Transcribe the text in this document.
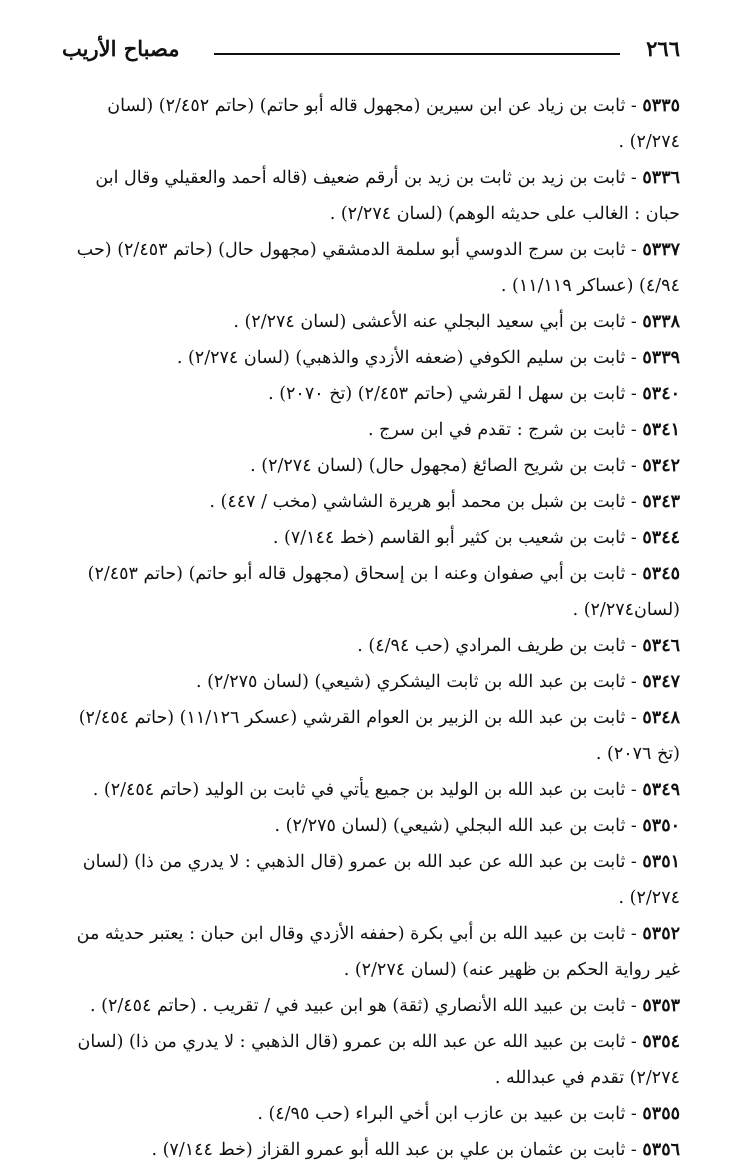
٢٦٦
مصباح الأريب

٥٣٣٥ - ثابت بن زياد عن ابن سيرين (مجهول قاله أبو حاتم) (حاتم ٢/٤٥٢) (لسان ٢/٢٧٤) .

٥٣٣٦ - ثابت بن زيد بن ثابت بن زيد بن أرقم ضعيف (قاله أحمد والعقيلي وقال ابن حبان : الغالب على حديثه الوهم) (لسان ٢/٢٧٤) .

٥٣٣٧ - ثابت بن سرج الدوسي أبو سلمة الدمشقي (مجهول حال) (حاتم ٢/٤٥٣) (حب ٤/٩٤) (عساكر ١١/١١٩) .

٥٣٣٨ - ثابت بن أبي سعيد البجلي عنه الأعشى (لسان ٢/٢٧٤) .

٥٣٣٩ - ثابت بن سليم الكوفي (ضعفه الأزدي والذهبي) (لسان ٢/٢٧٤) .

٥٣٤٠ - ثابت بن سهل ا لقرشي (حاتم ٢/٤٥٣) (تخ ٢٠٧٠) .

٥٣٤١ - ثابت بن شرج : تقدم في ابن سرج .

٥٣٤٢ - ثابت بن شريح الصائغ (مجهول حال) (لسان ٢/٢٧٤) .

٥٣٤٣ - ثابت بن شبل بن محمد أبو هريرة الشاشي (مخب / ٤٤٧) .

٥٣٤٤ - ثابت بن شعيب بن كثير أبو القاسم (خط ٧/١٤٤) .

٥٣٤٥ - ثابت بن أبي صفوان وعنه ا بن إسحاق (مجهول قاله أبو حاتم) (حاتم ٢/٤٥٣) (لسان٢/٢٧٤) .

٥٣٤٦ - ثابت بن طريف المرادي (حب ٤/٩٤) .

٥٣٤٧ - ثابت بن عبد الله بن ثابت اليشكري (شيعي) (لسان ٢/٢٧٥) .

٥٣٤٨ - ثابت بن عبد الله بن الزبير بن العوام القرشي (عسكر ١١/١٢٦) (حاتم ٢/٤٥٤) (تخ ٢٠٧٦) .

٥٣٤٩ - ثابت بن عبد الله بن الوليد بن جميع يأتي في ثابت بن الوليد (حاتم ٢/٤٥٤) .

٥٣٥٠ - ثابت بن عبد الله البجلي (شيعي) (لسان ٢/٢٧٥) .

٥٣٥١ - ثابت بن عبد الله عن عبد الله بن عمرو (قال الذهبي : لا يدري من ذا) (لسان ٢/٢٧٤) .

٥٣٥٢ - ثابت بن عبيد الله بن أبي بكرة (حففه الأزدي وقال ابن حبان : يعتبر حديثه من غير رواية الحكم بن ظهير عنه) (لسان ٢/٢٧٤) .

٥٣٥٣ - ثابت بن عبيد الله الأنصاري (ثقة) هو ابن عبيد في / تقريب . (حاتم ٢/٤٥٤) .

٥٣٥٤ - ثابت بن عبيد الله عن عبد الله بن عمرو (قال الذهبي : لا يدري من ذا) (لسان ٢/٢٧٤) تقدم في عبدالله .

٥٣٥٥ - ثابت بن عبيد بن عازب ابن أخي البراء (حب ٤/٩٥) .

٥٣٥٦ - ثابت بن عثمان بن علي بن عبد الله أبو عمرو القزاز (خط ٧/١٤٤) .
